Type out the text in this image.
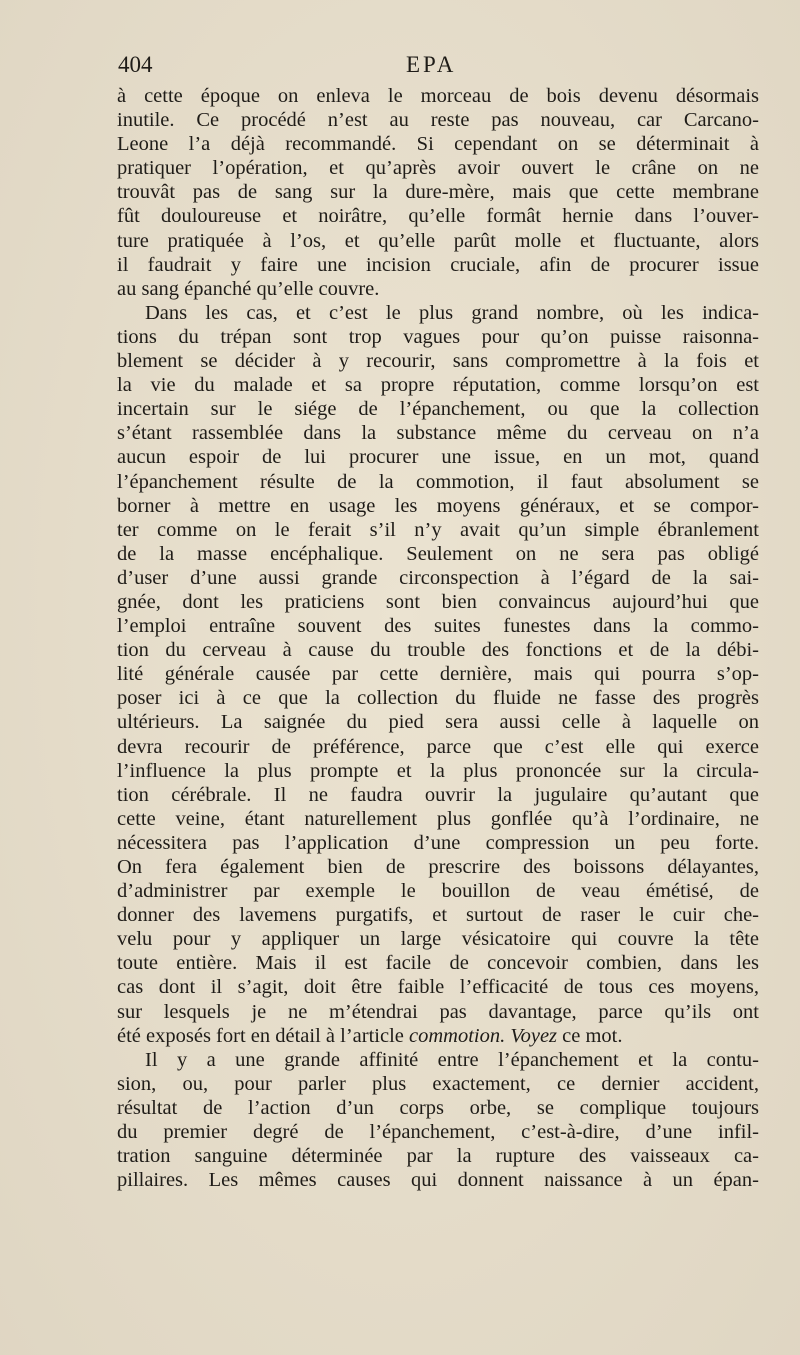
404	EPA
à cette époque on enleva le morceau de bois devenu désormais
inutile. Ce procédé n’est au reste pas nouveau, car Carcano-
Leone l’a déjà recommandé. Si cependant on se déterminait à
pratiquer l’opération, et qu’après avoir ouvert le crâne on ne
trouvât pas de sang sur la dure-mère, mais que cette membrane
fût douloureuse et noirâtre, qu’elle formât hernie dans l’ouver-
ture pratiquée à l’os, et qu’elle parût molle et fluctuante, alors
il faudrait y faire une incision cruciale, afin de procurer issue
au sang épanché qu’elle couvre.
Dans les cas, et c’est le plus grand nombre, où les indica-
tions du trépan sont trop vagues pour qu’on puisse raisonna-
blement se décider à y recourir, sans compromettre à la fois et
la vie du malade et sa propre réputation, comme lorsqu’on est
incertain sur le siége de l’épanchement, ou que la collection
s’étant rassemblée dans la substance même du cerveau on n’a
aucun espoir de lui procurer une issue, en un mot, quand
l’épanchement résulte de la commotion, il faut absolument se
borner à mettre en usage les moyens généraux, et se compor-
ter comme on le ferait s’il n’y avait qu’un simple ébranlement
de la masse encéphalique. Seulement on ne sera pas obligé
d’user d’une aussi grande circonspection à l’égard de la sai-
gnée, dont les praticiens sont bien convaincus aujourd’hui que
l’emploi entraîne souvent des suites funestes dans la commo-
tion du cerveau à cause du trouble des fonctions et de la débi-
lité générale causée par cette dernière, mais qui pourra s’op-
poser ici à ce que la collection du fluide ne fasse des progrès
ultérieurs. La saignée du pied sera aussi celle à laquelle on
devra recourir de préférence, parce que c’est elle qui exerce
l’influence la plus prompte et la plus prononcée sur la circula-
tion cérébrale. Il ne faudra ouvrir la jugulaire qu’autant que
cette veine, étant naturellement plus gonflée qu’à l’ordinaire, ne
nécessitera pas l’application d’une compression un peu forte.
On fera également bien de prescrire des boissons délayantes,
d’administrer par exemple le bouillon de veau émétisé, de
donner des lavemens purgatifs, et surtout de raser le cuir che-
velu pour y appliquer un large vésicatoire qui couvre la tête
toute entière. Mais il est facile de concevoir combien, dans les
cas dont il s’agit, doit être faible l’efficacité de tous ces moyens,
sur lesquels je ne m’étendrai pas davantage, parce qu’ils ont
été exposés fort en détail à l’article commotion. Voyez ce mot.
Il y a une grande affinité entre l’épanchement et la contu-
sion, ou, pour parler plus exactement, ce dernier accident,
résultat de l’action d’un corps orbe, se complique toujours
du premier degré de l’épanchement, c’est-à-dire, d’une infil-
tration sanguine déterminée par la rupture des vaisseaux ca-
pillaires. Les mêmes causes qui donnent naissance à un épan-
